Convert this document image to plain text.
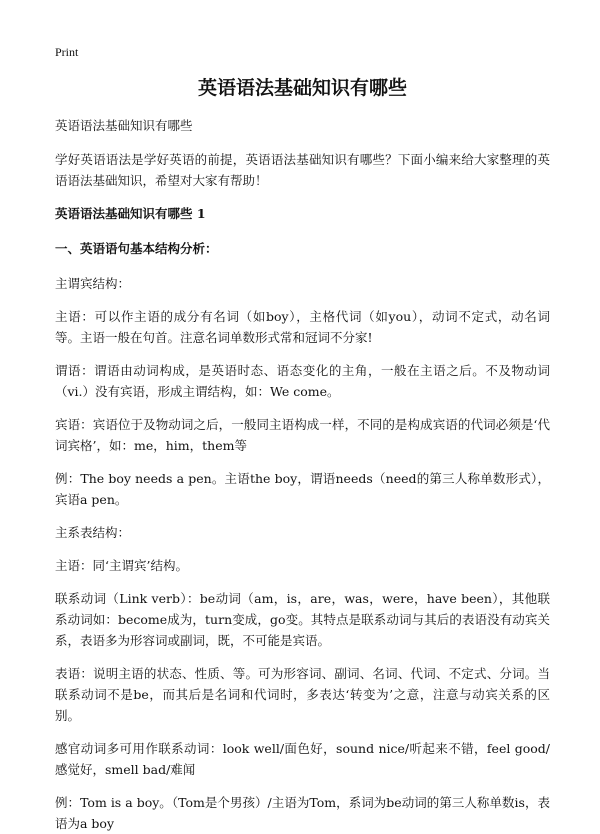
Print
英语语法基础知识有哪些

英语语法基础知识有哪些

学好英语语法是学好英语的前提，英语语法基础知识有哪些？下面小编来给大家整理的英语语法基础知识，希望对大家有帮助！

英语语法基础知识有哪些 1

一、英语语句基本结构分析：

主谓宾结构：

主语：可以作主语的成分有名词（如boy），主格代词（如you），动词不定式，动名词等。主语一般在句首。注意名词单数形式常和冠词不分家!

谓语：谓语由动词构成，是英语时态、语态变化的主角，一般在主语之后。不及物动词（vi.）没有宾语，形成主谓结构，如：We come。

宾语：宾语位于及物动词之后，一般同主语构成一样，不同的是构成宾语的代词必须是‘代词宾格’，如：me，him，them等

例：The boy needs a pen。主语the boy，谓语needs（need的第三人称单数形式），宾语a pen。

主系表结构：

主语：同‘主谓宾’结构。

联系动词（Link verb）：be动词（am，is，are，was，were，have been），其他联系动词如：become成为，turn变成，go变。其特点是联系动词与其后的表语没有动宾关系，表语多为形容词或副词，既，不可能是宾语。

表语：说明主语的状态、性质、等。可为形容词、副词、名词、代词、不定式、分词。当联系动词不是be，而其后是名词和代词时，多表达‘转变为’之意，注意与动宾关系的区别。

感官动词多可用作联系动词：look well/面色好，sound nice/听起来不错，feel good/感觉好，smell bad/难闻

例：Tom is a boy。（Tom是个男孩）/主语为Tom，系词为be动词的第三人称单数is，表语为a boy
